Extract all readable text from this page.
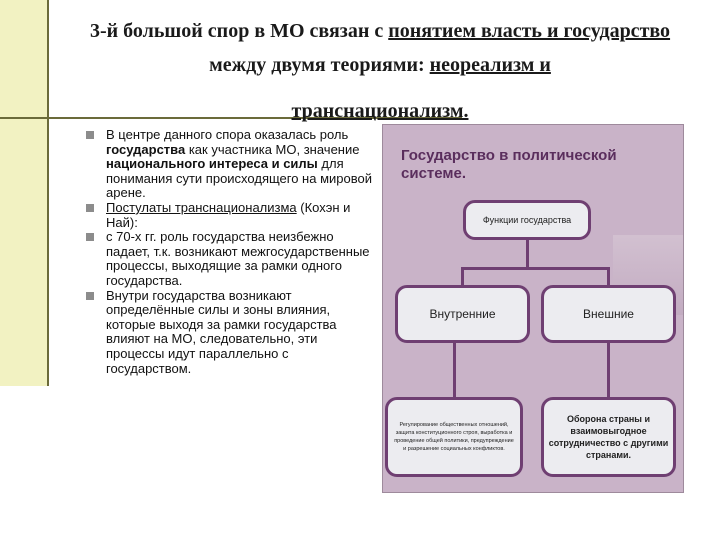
3-й большой спор в МО связан с понятием власть и государство между двумя теориями: неореализм и
транснационализм.
В центре данного спора оказалась роль государства как участника МО, значение национального интереса и силы для понимания сути происходящего на мировой арене.
Постулаты транснационализма (Кохэн и Най):
с 70-х гг. роль государства неизбежно падает, т.к. возникают межгосударственные процессы, выходящие за рамки одного государства.
Внутри государства возникают определённые силы и зоны влияния, которые выходя за рамки государства влияют на МО, следовательно, эти процессы идут параллельно с государством.
Государство в политической системе.
Функции государства
Внутренние	Внешние
Регулирование общественных отношений, защита конституционного строя, выработка и проведение общей политики, предупреждение и разрешение социальных конфликтов.
Оборона страны и взаимовыгодное сотрудничество с другими странами.
